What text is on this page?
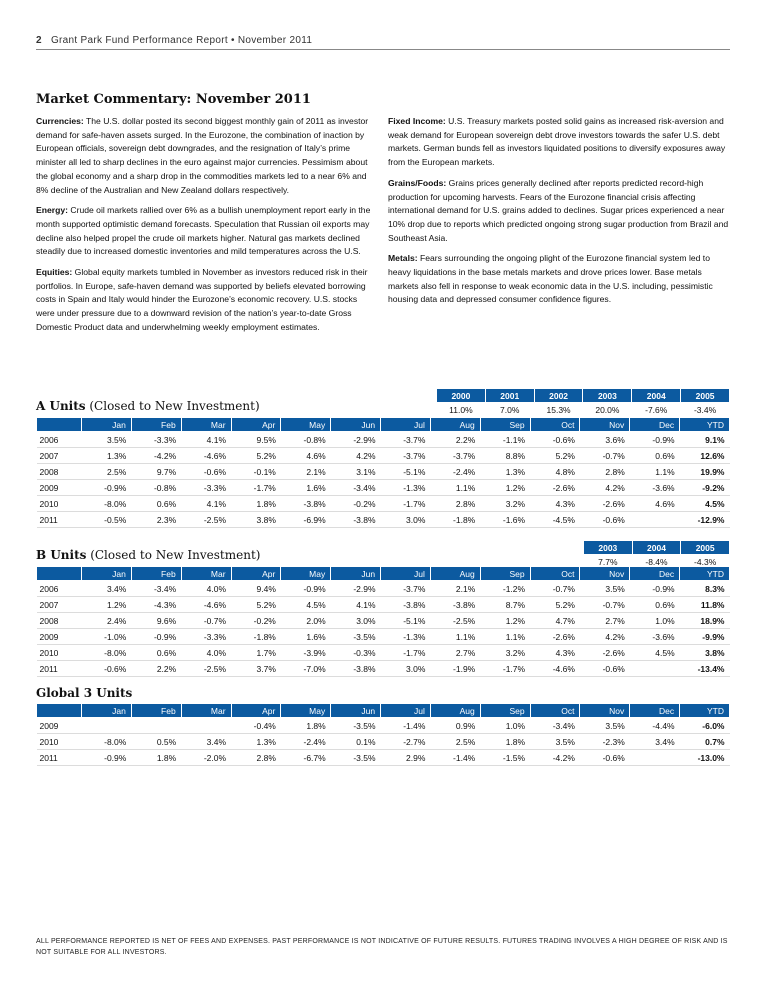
2 Grant Park Fund Performance Report • November 2011
Market Commentary: November 2011

Currencies: The U.S. dollar posted its second biggest monthly gain of 2011 as investor demand for safe-haven assets surged. In the Eurozone, the combination of inaction by European officials, sovereign debt downgrades, and the resignation of Italy’s prime minister all led to sharp declines in the euro against major currencies. Pessimism about the global economy and a sharp drop in the commodities markets led to a near 6% and 8% decline of the Australian and New Zealand dollars respectively.

Energy: Crude oil markets rallied over 6% as a bullish unemployment report early in the month supported optimistic demand forecasts. Speculation that Russian oil exports may decline also helped propel the crude oil markets higher. Natural gas markets declined steadily due to increased domestic inventories and mild temperatures across the U.S.

Equities: Global equity markets tumbled in November as investors reduced risk in their portfolios. In Europe, safe-haven demand was supported by beliefs elevated borrowing costs in Spain and Italy would hinder the Eurozone’s economic recovery. U.S. stocks were under pressure due to a downward revision of the nation’s year-to-date Gross Domestic Product data and underwhelming weekly employment estimates.

Fixed Income: U.S. Treasury markets posted solid gains as increased risk-aversion and weak demand for European sovereign debt drove investors towards the safer U.S. debt markets. German bunds fell as investors liquidated positions to diversify exposures away from the European markets.

Grains/Foods: Grains prices generally declined after reports predicted record-high production for upcoming harvests. Fears of the Eurozone financial crisis affecting international demand for U.S. grains added to declines. Sugar prices experienced a near 10% drop due to reports which predicted ongoing strong sugar production from Brazil and Southeast Asia.

Metals: Fears surrounding the ongoing plight of the Eurozone financial system led to heavy liquidations in the base metals markets and drove prices lower. Base metals markets also fell in response to weak economic data in the U.S. including, pessimistic housing data and depressed consumer confidence figures.

2000	2001	2002	2003	2004	2005
11.0%	7.0%	15.3%	20.0%	-7.6%	-3.4%
A Units (Closed to New Investment)
	Jan	Feb	Mar	Apr	May	Jun	Jul	Aug	Sep	Oct	Nov	Dec	YTD
2006	3.5%	-3.3%	4.1%	9.5%	-0.8%	-2.9%	-3.7%	2.2%	-1.1%	-0.6%	3.6%	-0.9%	9.1%
2007	1.3%	-4.2%	-4.6%	5.2%	4.6%	4.2%	-3.7%	-3.7%	8.8%	5.2%	-0.7%	0.6%	12.6%
2008	2.5%	9.7%	-0.6%	-0.1%	2.1%	3.1%	-5.1%	-2.4%	1.3%	4.8%	2.8%	1.1%	19.9%
2009	-0.9%	-0.8%	-3.3%	-1.7%	1.6%	-3.4%	-1.3%	1.1%	1.2%	-2.6%	4.2%	-3.6%	-9.2%
2010	-8.0%	0.6%	4.1%	1.8%	-3.8%	-0.2%	-1.7%	2.8%	3.2%	4.3%	-2.6%	4.6%	4.5%
2011	-0.5%	2.3%	-2.5%	3.8%	-6.9%	-3.8%	3.0%	-1.8%	-1.6%	-4.5%	-0.6%		-12.9%
2003	2004	2005
7.7%	-8.4%	-4.3%
B Units (Closed to New Investment)
	Jan	Feb	Mar	Apr	May	Jun	Jul	Aug	Sep	Oct	Nov	Dec	YTD
2006	3.4%	-3.4%	4.0%	9.4%	-0.9%	-2.9%	-3.7%	2.1%	-1.2%	-0.7%	3.5%	-0.9%	8.3%
2007	1.2%	-4.3%	-4.6%	5.2%	4.5%	4.1%	-3.8%	-3.8%	8.7%	5.2%	-0.7%	0.6%	11.8%
2008	2.4%	9.6%	-0.7%	-0.2%	2.0%	3.0%	-5.1%	-2.5%	1.2%	4.7%	2.7%	1.0%	18.9%
2009	-1.0%	-0.9%	-3.3%	-1.8%	1.6%	-3.5%	-1.3%	1.1%	1.1%	-2.6%	4.2%	-3.6%	-9.9%
2010	-8.0%	0.6%	4.0%	1.7%	-3.9%	-0.3%	-1.7%	2.7%	3.2%	4.3%	-2.6%	4.5%	3.8%
2011	-0.6%	2.2%	-2.5%	3.7%	-7.0%	-3.8%	3.0%	-1.9%	-1.7%	-4.6%	-0.6%		-13.4%
Global 3 Units
	Jan	Feb	Mar	Apr	May	Jun	Jul	Aug	Sep	Oct	Nov	Dec	YTD
2009				-0.4%	1.8%	-3.5%	-1.4%	0.9%	1.0%	-3.4%	3.5%	-4.4%	-6.0%
2010	-8.0%	0.5%	3.4%	1.3%	-2.4%	0.1%	-2.7%	2.5%	1.8%	3.5%	-2.3%	3.4%	0.7%
2011	-0.9%	1.8%	-2.0%	2.8%	-6.7%	-3.5%	2.9%	-1.4%	-1.5%	-4.2%	-0.6%		-13.0%
ALL PERFORMANCE REPORTED IS NET OF FEES AND EXPENSES. PAST PERFORMANCE IS NOT INDICATIVE OF FUTURE RESULTS. FUTURES TRADING INVOLVES A HIGH DEGREE OF RISK AND IS NOT SUITABLE FOR ALL INVESTORS.
